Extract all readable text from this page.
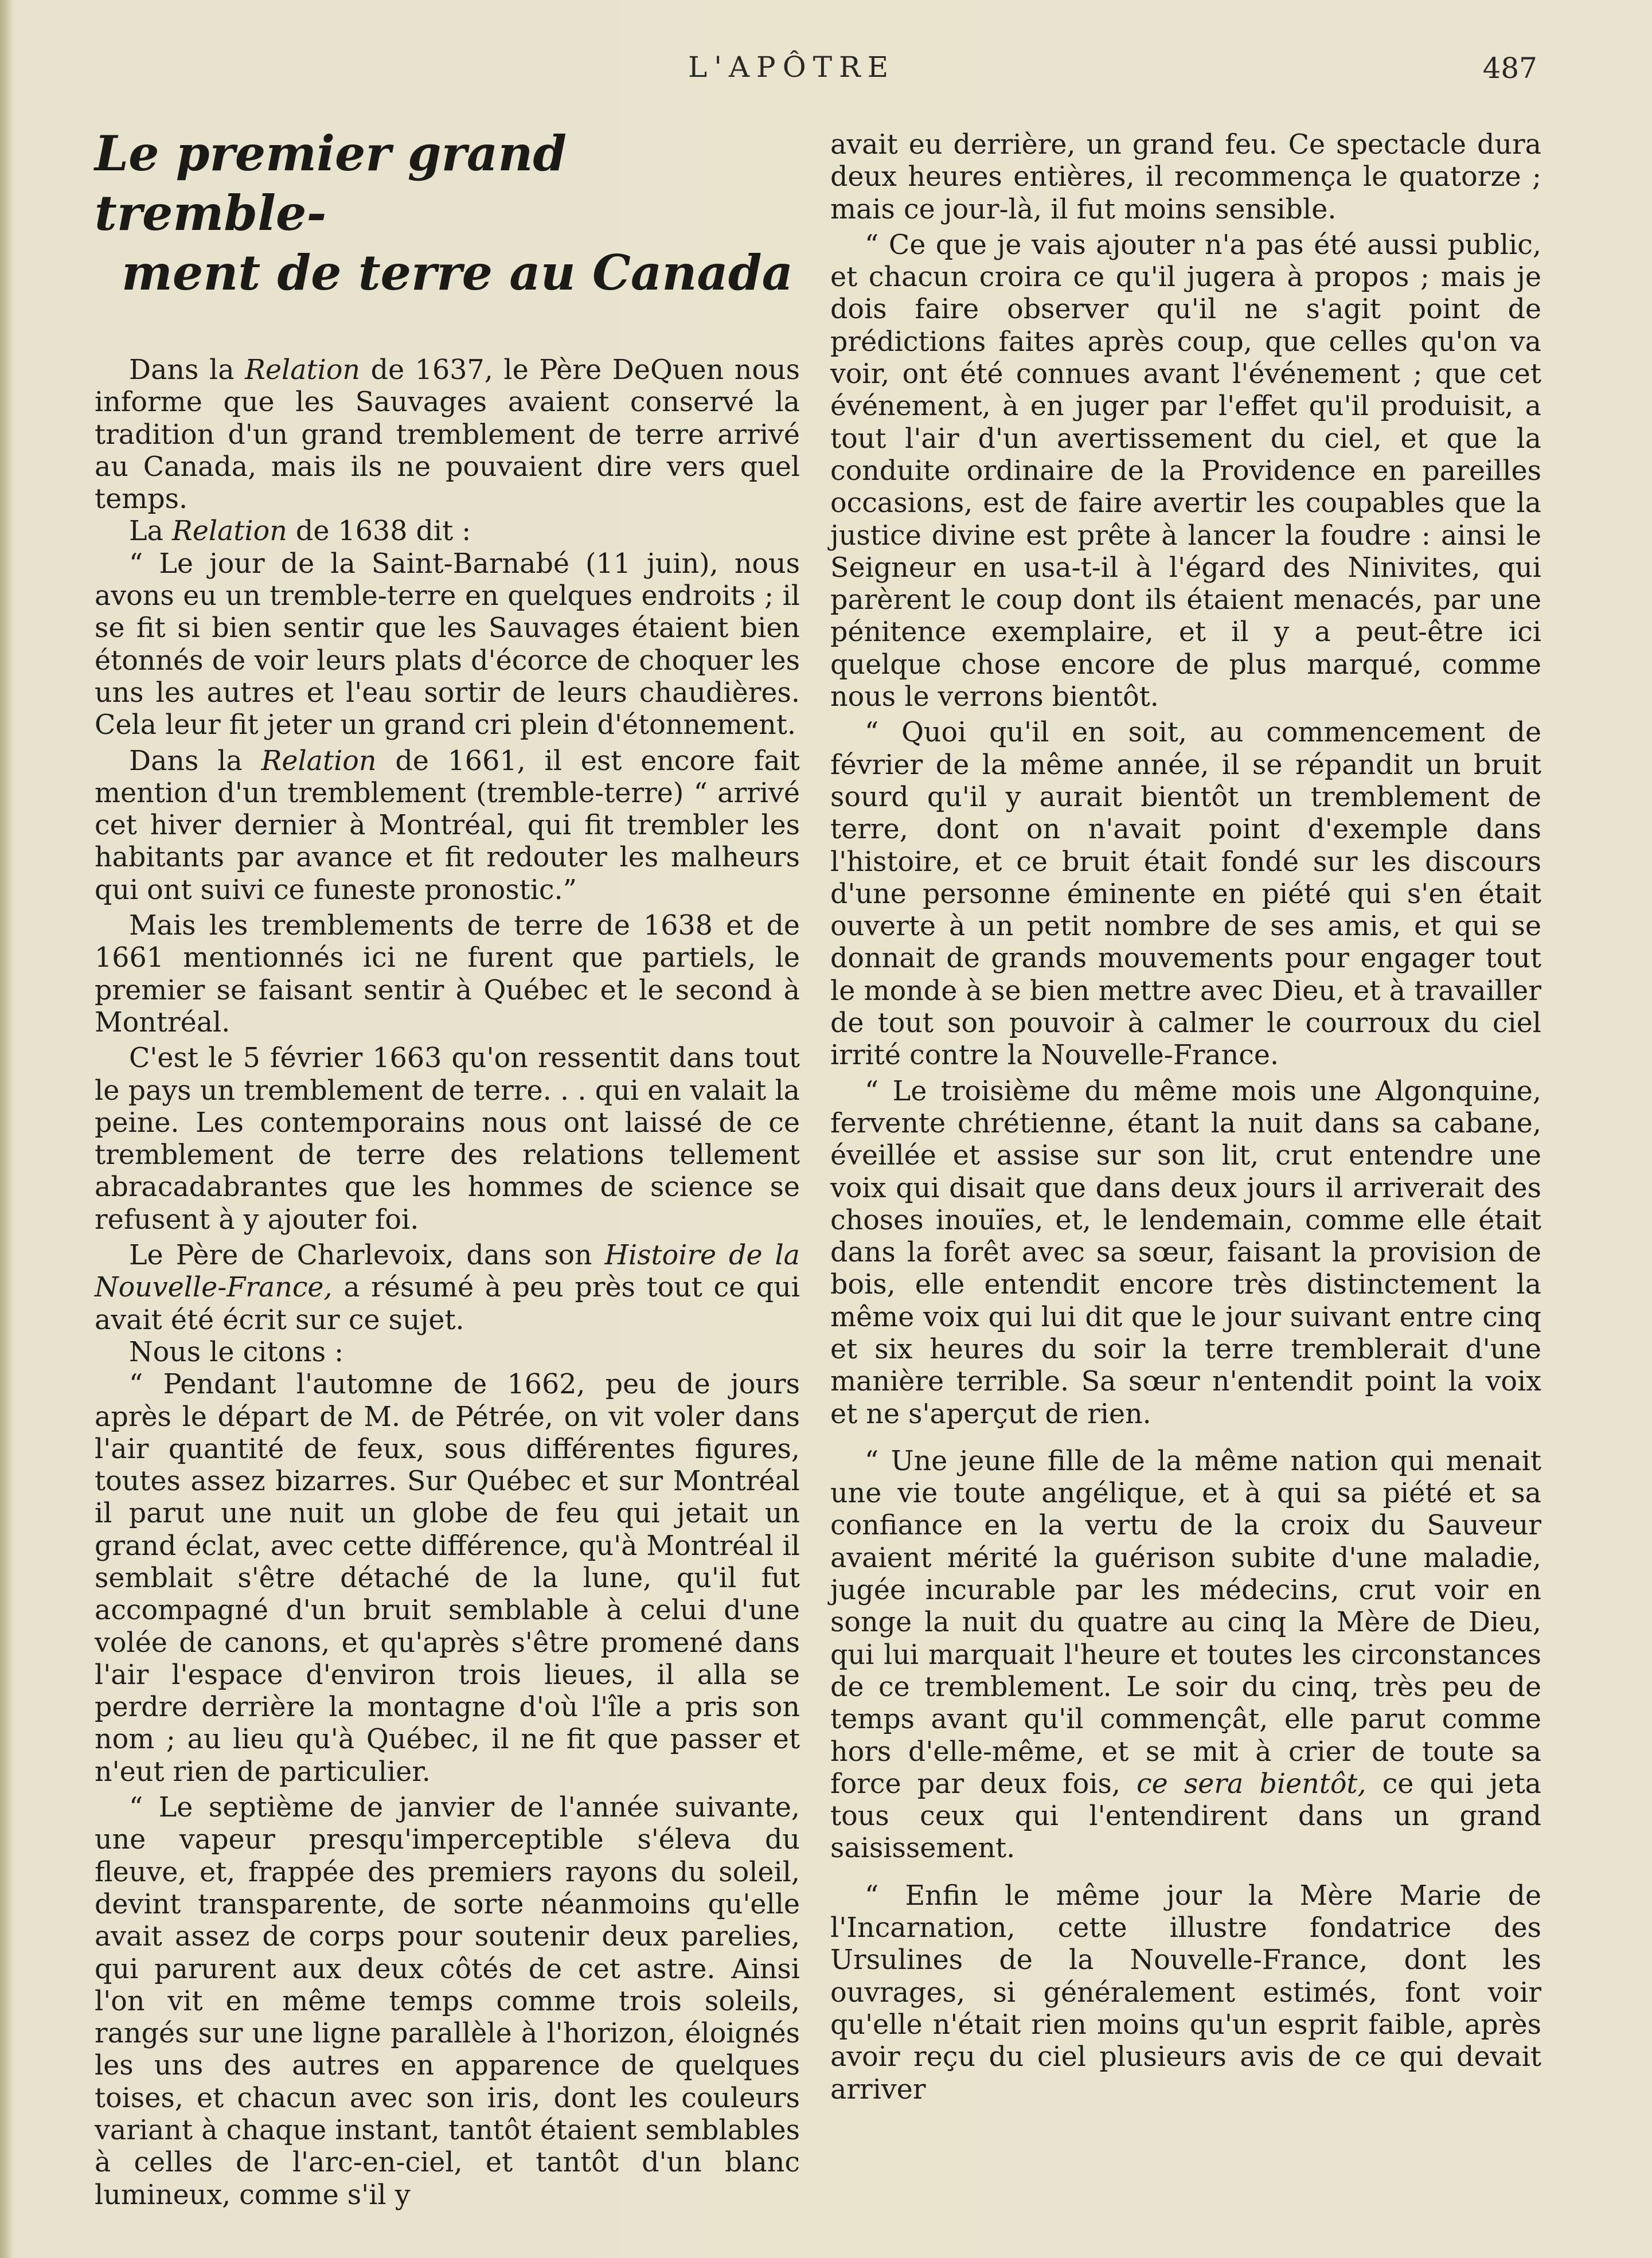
L'APÔTRE	487
Le premier grand tremble-
ment de terre au Canada

Dans la Relation de 1637, le Père DeQuen nous informe que les Sauvages avaient conservé la tradition d'un grand tremblement de terre arrivé au Canada, mais ils ne pouvaient dire vers quel temps.

La Relation de 1638 dit :

“ Le jour de la Saint-Barnabé (11 juin), nous avons eu un tremble-terre en quelques endroits ; il se fit si bien sentir que les Sauvages étaient bien étonnés de voir leurs plats d'écorce de choquer les uns les autres et l'eau sortir de leurs chaudières. Cela leur fit jeter un grand cri plein d'étonnement.

Dans la Relation de 1661, il est encore fait mention d'un tremblement (tremble-terre) “ arrivé cet hiver dernier à Montréal, qui fit trembler les habitants par avance et fit redouter les malheurs qui ont suivi ce funeste pronostic.”

Mais les tremblements de terre de 1638 et de 1661 mentionnés ici ne furent que partiels, le premier se faisant sentir à Québec et le second à Montréal.

C'est le 5 février 1663 qu'on ressentit dans tout le pays un tremblement de terre. . . qui en valait la peine. Les contemporains nous ont laissé de ce tremblement de terre des relations tellement abracadabrantes que les hommes de science se refusent à y ajouter foi.

Le Père de Charlevoix, dans son Histoire de la Nouvelle-France, a résumé à peu près tout ce qui avait été écrit sur ce sujet.

Nous le citons :

“ Pendant l'automne de 1662, peu de jours après le départ de M. de Pétrée, on vit voler dans l'air quantité de feux, sous différentes figures, toutes assez bizarres. Sur Québec et sur Montréal il parut une nuit un globe de feu qui jetait un grand éclat, avec cette différence, qu'à Montréal il semblait s'être détaché de la lune, qu'il fut accompagné d'un bruit semblable à celui d'une volée de canons, et qu'après s'être promené dans l'air l'espace d'environ trois lieues, il alla se perdre derrière la montagne d'où l'île a pris son nom ; au lieu qu'à Québec, il ne fit que passer et n'eut rien de particulier.

“ Le septième de janvier de l'année suivante, une vapeur presqu'imperceptible s'éleva du fleuve, et, frappée des premiers rayons du soleil, devint transparente, de sorte néanmoins qu'elle avait assez de corps pour soutenir deux parelies, qui parurent aux deux côtés de cet astre. Ainsi l'on vit en même temps comme trois soleils, rangés sur une ligne parallèle à l'horizon, éloignés les uns des autres en apparence de quelques toises, et chacun avec son iris, dont les couleurs variant à chaque instant, tantôt étaient semblables à celles de l'arc-en-ciel, et tantôt d'un blanc lumineux, comme s'il y

avait eu derrière, un grand feu. Ce spectacle dura deux heures entières, il recommença le quatorze ; mais ce jour-là, il fut moins sensible.

“ Ce que je vais ajouter n'a pas été aussi public, et chacun croira ce qu'il jugera à propos ; mais je dois faire observer qu'il ne s'agit point de prédictions faites après coup, que celles qu'on va voir, ont été connues avant l'événement ; que cet événement, à en juger par l'effet qu'il produisit, a tout l'air d'un avertissement du ciel, et que la conduite ordinaire de la Providence en pareilles occasions, est de faire avertir les coupables que la justice divine est prête à lancer la foudre : ainsi le Seigneur en usa-t-il à l'égard des Ninivites, qui parèrent le coup dont ils étaient menacés, par une pénitence exemplaire, et il y a peut-être ici quelque chose encore de plus marqué, comme nous le verrons bientôt.

“ Quoi qu'il en soit, au commencement de février de la même année, il se répandit un bruit sourd qu'il y aurait bientôt un tremblement de terre, dont on n'avait point d'exemple dans l'histoire, et ce bruit était fondé sur les discours d'une personne éminente en piété qui s'en était ouverte à un petit nombre de ses amis, et qui se donnait de grands mouvements pour engager tout le monde à se bien mettre avec Dieu, et à travailler de tout son pouvoir à calmer le courroux du ciel irrité contre la Nouvelle-France.

“ Le troisième du même mois une Algonquine, fervente chrétienne, étant la nuit dans sa cabane, éveillée et assise sur son lit, crut entendre une voix qui disait que dans deux jours il arriverait des choses inouïes, et, le lendemain, comme elle était dans la forêt avec sa sœur, faisant la provision de bois, elle entendit encore très distinctement la même voix qui lui dit que le jour suivant entre cinq et six heures du soir la terre tremblerait d'une manière terrible. Sa sœur n'entendit point la voix et ne s'aperçut de rien.

“ Une jeune fille de la même nation qui menait une vie toute angélique, et à qui sa piété et sa confiance en la vertu de la croix du Sauveur avaient mérité la guérison subite d'une maladie, jugée incurable par les médecins, crut voir en songe la nuit du quatre au cinq la Mère de Dieu, qui lui marquait l'heure et toutes les circonstances de ce tremblement. Le soir du cinq, très peu de temps avant qu'il commençât, elle parut comme hors d'elle-même, et se mit à crier de toute sa force par deux fois, ce sera bientôt, ce qui jeta tous ceux qui l'entendirent dans un grand saisissement.

“ Enfin le même jour la Mère Marie de l'Incarnation, cette illustre fondatrice des Ursulines de la Nouvelle-France, dont les ouvrages, si généralement estimés, font voir qu'elle n'était rien moins qu'un esprit faible, après avoir reçu du ciel plusieurs avis de ce qui devait arriver
